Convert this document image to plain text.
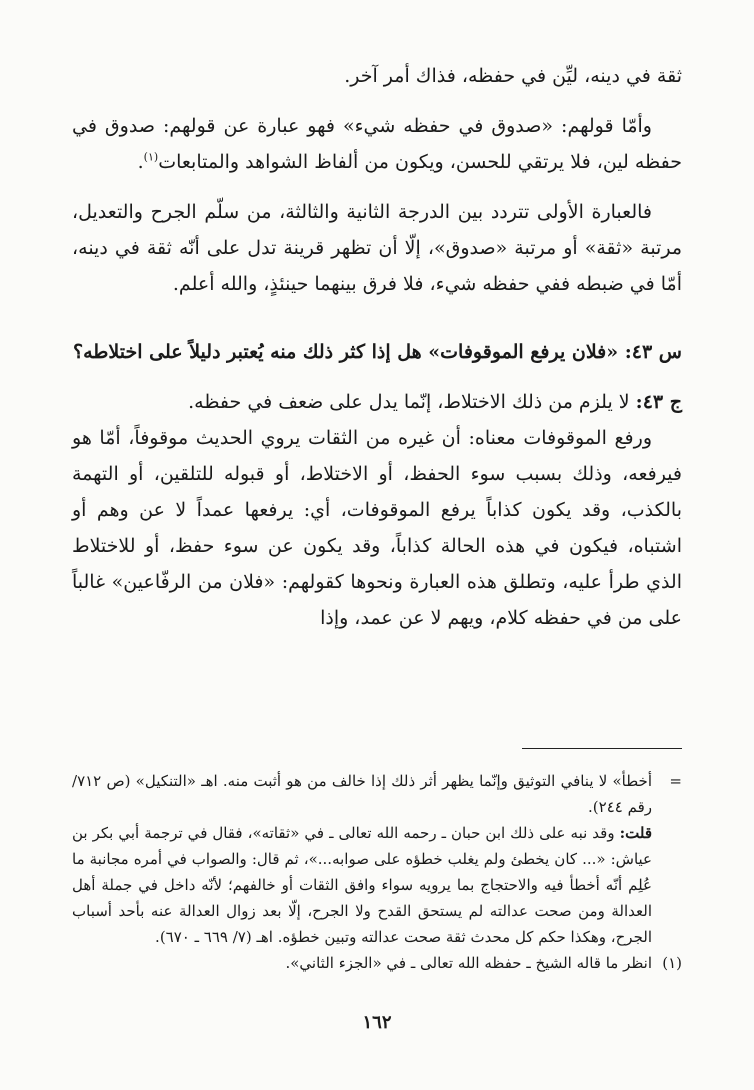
ثقة في دينه، ليِّن في حفظه، فذاك أمر آخر.

وأمّا قولهم: «صدوق في حفظه شيء» فهو عبارة عن قولهم: صدوق في حفظه لين، فلا يرتقي للحسن، ويكون من ألفاظ الشواهد والمتابعات$^{(١)}$.

فالعبارة الأولى تتردد بين الدرجة الثانية والثالثة، من سلّم الجرح والتعديل، مرتبة «ثقة» أو مرتبة «صدوق»، إلّا أن تظهر قرينة تدل على أنّه ثقة في دينه، أمّا في ضبطه ففي حفظه شيء، فلا فرق بينهما حينئذٍ، والله أعلم.

س ٤٣: «فلان يرفع الموقوفات» هل إذا كثر ذلك منه يُعتبر دليلاً على اختلاطه؟

ج ٤٣: لا يلزم من ذلك الاختلاط، إنّما يدل على ضعف في حفظه.

ورفع الموقوفات معناه: أن غيره من الثقات يروي الحديث موقوفاً، أمّا هو فيرفعه، وذلك بسبب سوء الحفظ، أو الاختلاط، أو قبوله للتلقين، أو التهمة بالكذب، وقد يكون كذاباً يرفع الموقوفات، أي: يرفعها عمداً لا عن وهم أو اشتباه، فيكون في هذه الحالة كذاباً، وقد يكون عن سوء حفظ، أو للاختلاط الذي طرأ عليه، وتطلق هذه العبارة ونحوها كقولهم: «فلان من الرفّاعين» غالباً على من في حفظه كلام، ويهم لا عن عمد، وإذا

=

أخطأ» لا ينافي التوثيق وإنّما يظهر أثر ذلك إذا خالف من هو أثبت منه. اهـ «التنكيل» (ص ٧١٢/ رقم ٢٤٤).

قلت: وقد نبه على ذلك ابن حبان ـ رحمه الله تعالى ـ في «ثقاته»، فقال في ترجمة أبي بكر بن عياش: «... كان يخطئ ولم يغلب خطؤه على صوابه...»، ثم قال: والصواب في أمره مجانبة ما عُلِم أنّه أخطأ فيه والاحتجاج بما يرويه سواء وافق الثقات أو خالفهم؛ لأنّه داخل في جملة أهل العدالة ومن صحت عدالته لم يستحق القدح ولا الجرح، إلّا بعد زوال العدالة عنه بأحد أسباب الجرح، وهكذا حكم كل محدث ثقة صحت عدالته وتبين خطؤه. اهـ (٧/ ٦٦٩ ـ ٦٧٠).

(١)
انظر ما قاله الشيخ ـ حفظه الله تعالى ـ في «الجزء الثاني».
١٦٢
